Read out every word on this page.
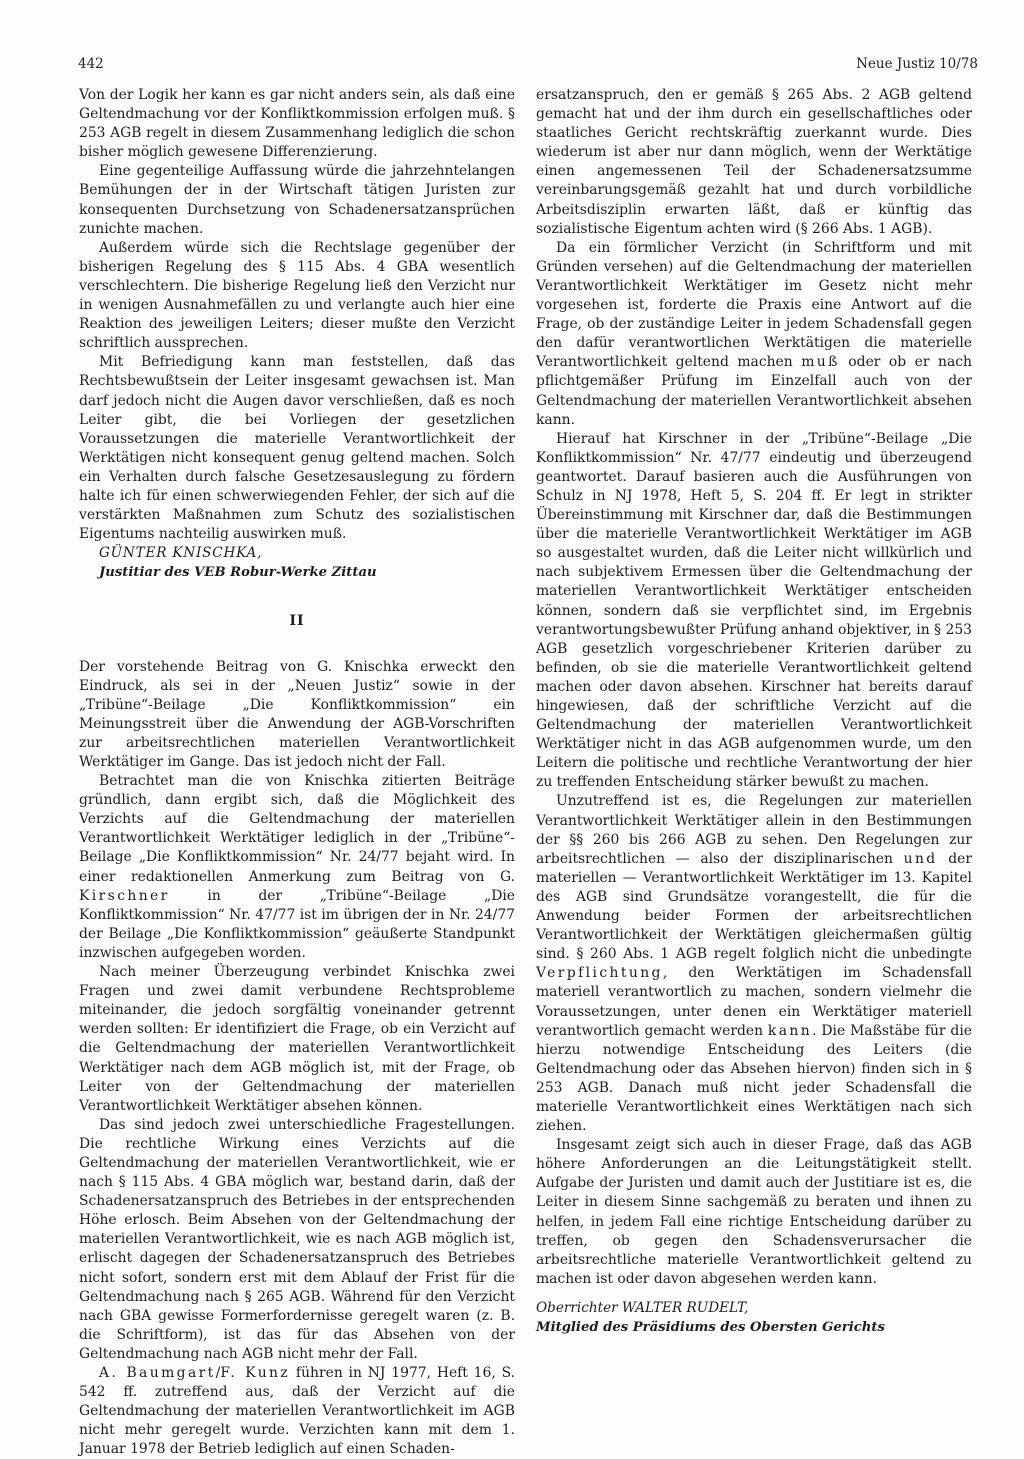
442	Neue Justiz 10/78

Von der Logik her kann es gar nicht anders sein, als daß eine Geltendmachung vor der Konfliktkommission erfolgen muß. § 253 AGB regelt in diesem Zusammenhang lediglich die schon bisher möglich gewesene Differenzierung.

Eine gegenteilige Auffassung würde die jahrzehntelangen Bemühungen der in der Wirtschaft tätigen Juristen zur konsequenten Durchsetzung von Schadenersatzansprüchen zunichte machen.

Außerdem würde sich die Rechtslage gegenüber der bisherigen Regelung des § 115 Abs. 4 GBA wesentlich verschlechtern. Die bisherige Regelung ließ den Verzicht nur in wenigen Ausnahmefällen zu und verlangte auch hier eine Reaktion des jeweiligen Leiters; dieser mußte den Verzicht schriftlich aussprechen.

Mit Befriedigung kann man feststellen, daß das Rechtsbewußtsein der Leiter insgesamt gewachsen ist. Man darf jedoch nicht die Augen davor verschließen, daß es noch Leiter gibt, die bei Vorliegen der gesetzlichen Voraussetzungen die materielle Verantwortlichkeit der Werktätigen nicht konsequent genug geltend machen. Solch ein Verhalten durch falsche Gesetzesauslegung zu fördern halte ich für einen schwerwiegenden Fehler, der sich auf die verstärkten Maßnahmen zum Schutz des sozialistischen Eigentums nachteilig auswirken muß.

GÜNTER KNISCHKA,

Justitiar des VEB Robur-Werke Zittau

II

Der vorstehende Beitrag von G. Knischka erweckt den Eindruck, als sei in der „Neuen Justiz“ sowie in der „Tribüne“-Beilage „Die Konfliktkommission“ ein Meinungsstreit über die Anwendung der AGB-Vorschriften zur arbeitsrechtlichen materiellen Verantwortlichkeit Werktätiger im Gange. Das ist jedoch nicht der Fall.

Betrachtet man die von Knischka zitierten Beiträge gründlich, dann ergibt sich, daß die Möglichkeit des Verzichts auf die Geltendmachung der materiellen Verantwortlichkeit Werktätiger lediglich in der „Tribüne“-Beilage „Die Konfliktkommission“ Nr. 24/77 bejaht wird. In einer redaktionellen Anmerkung zum Beitrag von G. Kirschner in der „Tribüne“-Beilage „Die Konfliktkommission“ Nr. 47/77 ist im übrigen der in Nr. 24/77 der Beilage „Die Konfliktkommission“ geäußerte Standpunkt inzwischen aufgegeben worden.

Nach meiner Überzeugung verbindet Knischka zwei Fragen und zwei damit verbundene Rechtsprobleme miteinander, die jedoch sorgfältig voneinander getrennt werden sollten: Er identifiziert die Frage, ob ein Verzicht auf die Geltendmachung der materiellen Verantwortlichkeit Werktätiger nach dem AGB möglich ist, mit der Frage, ob Leiter von der Geltendmachung der materiellen Verantwortlichkeit Werktätiger absehen können.

Das sind jedoch zwei unterschiedliche Fragestellungen. Die rechtliche Wirkung eines Verzichts auf die Geltendmachung der materiellen Verantwortlichkeit, wie er nach § 115 Abs. 4 GBA möglich war, bestand darin, daß der Schadenersatzanspruch des Betriebes in der entsprechenden Höhe erlosch. Beim Absehen von der Geltendmachung der materiellen Verantwortlichkeit, wie es nach AGB möglich ist, erlischt dagegen der Schadenersatzanspruch des Betriebes nicht sofort, sondern erst mit dem Ablauf der Frist für die Geltendmachung nach § 265 AGB. Während für den Verzicht nach GBA gewisse Formerfordernisse geregelt waren (z. B. die Schriftform), ist das für das Absehen von der Geltendmachung nach AGB nicht mehr der Fall.

A. Baumgart/F. Kunz führen in NJ 1977, Heft 16, S. 542 ff. zutreffend aus, daß der Verzicht auf die Geltendmachung der materiellen Verantwortlichkeit im AGB nicht mehr geregelt wurde. Verzichten kann mit dem 1. Januar 1978 der Betrieb lediglich auf einen Schaden-

ersatzanspruch, den er gemäß § 265 Abs. 2 AGB geltend gemacht hat und der ihm durch ein gesellschaftliches oder staatliches Gericht rechtskräftig zuerkannt wurde. Dies wiederum ist aber nur dann möglich, wenn der Werktätige einen angemessenen Teil der Schadenersatzsumme vereinbarungsgemäß gezahlt hat und durch vorbildliche Arbeitsdisziplin erwarten läßt, daß er künftig das sozialistische Eigentum achten wird (§ 266 Abs. 1 AGB).

Da ein förmlicher Verzicht (in Schriftform und mit Gründen versehen) auf die Geltendmachung der materiellen Verantwortlichkeit Werktätiger im Gesetz nicht mehr vorgesehen ist, forderte die Praxis eine Antwort auf die Frage, ob der zuständige Leiter in jedem Schadensfall gegen den dafür verantwortlichen Werktätigen die materielle Verantwortlichkeit geltend machen muß oder ob er nach pflichtgemäßer Prüfung im Einzelfall auch von der Geltendmachung der materiellen Verantwortlichkeit absehen kann.

Hierauf hat Kirschner in der „Tribüne“-Beilage „Die Konfliktkommission“ Nr. 47/77 eindeutig und überzeugend geantwortet. Darauf basieren auch die Ausführungen von Schulz in NJ 1978, Heft 5, S. 204 ff. Er legt in strikter Übereinstimmung mit Kirschner dar, daß die Bestimmungen über die materielle Verantwortlichkeit Werktätiger im AGB so ausgestaltet wurden, daß die Leiter nicht willkürlich und nach subjektivem Ermessen über die Geltendmachung der materiellen Verantwortlichkeit Werktätiger entscheiden können, sondern daß sie verpflichtet sind, im Ergebnis verantwortungsbewußter Prüfung anhand objektiver, in § 253 AGB gesetzlich vorgeschriebener Kriterien darüber zu befinden, ob sie die materielle Verantwortlichkeit geltend machen oder davon absehen. Kirschner hat bereits darauf hingewiesen, daß der schriftliche Verzicht auf die Geltendmachung der materiellen Verantwortlichkeit Werktätiger nicht in das AGB aufgenommen wurde, um den Leitern die politische und rechtliche Verantwortung der hier zu treffenden Entscheidung stärker bewußt zu machen.

Unzutreffend ist es, die Regelungen zur materiellen Verantwortlichkeit Werktätiger allein in den Bestimmungen der §§ 260 bis 266 AGB zu sehen. Den Regelungen zur arbeitsrechtlichen — also der disziplinarischen und der materiellen — Verantwortlichkeit Werktätiger im 13. Kapitel des AGB sind Grundsätze vorangestellt, die für die Anwendung beider Formen der arbeitsrechtlichen Verantwortlichkeit der Werktätigen gleichermaßen gültig sind. § 260 Abs. 1 AGB regelt folglich nicht die unbedingte Verpflichtung, den Werktätigen im Schadensfall materiell verantwortlich zu machen, sondern vielmehr die Voraussetzungen, unter denen ein Werktätiger materiell verantwortlich gemacht werden kann. Die Maßstäbe für die hierzu notwendige Entscheidung des Leiters (die Geltendmachung oder das Absehen hiervon) finden sich in § 253 AGB. Danach muß nicht jeder Schadensfall die materielle Verantwortlichkeit eines Werktätigen nach sich ziehen.

Insgesamt zeigt sich auch in dieser Frage, daß das AGB höhere Anforderungen an die Leitungstätigkeit stellt. Aufgabe der Juristen und damit auch der Justitiare ist es, die Leiter in diesem Sinne sachgemäß zu beraten und ihnen zu helfen, in jedem Fall eine richtige Entscheidung darüber zu treffen, ob gegen den Schadensverursacher die arbeitsrechtliche materielle Verantwortlichkeit geltend zu machen ist oder davon abgesehen werden kann.

Oberrichter WALTER RUDELT,
Mitglied des Präsidiums des Obersten Gerichts
